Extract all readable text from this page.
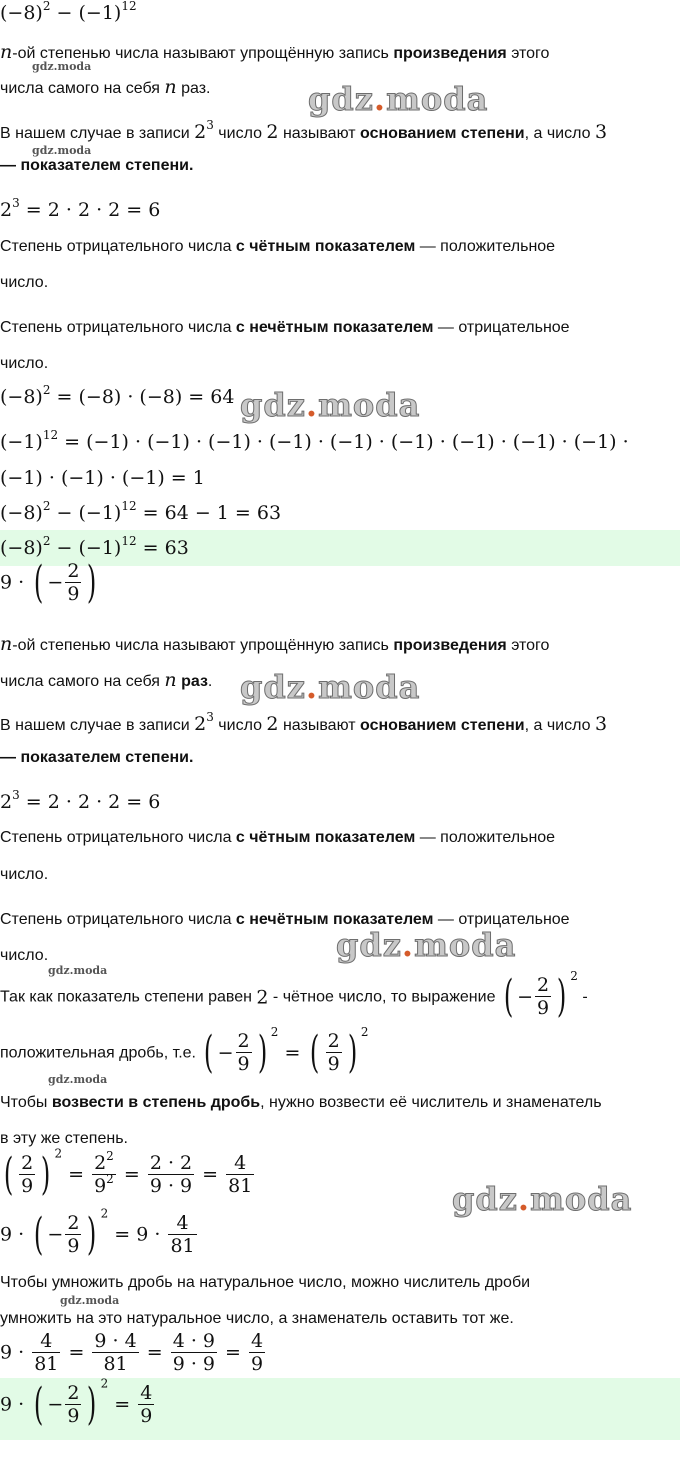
$(-8)^2 - (-1)^{12}$
n-ой степенью числа называют упрощённую запись произведения этого
числа самого на себя n раз.
В нашем случае в записи $2^3$ число 2 называют основанием степени, а число 3
— показателем степени.
$2^3 = 2 \cdot 2 \cdot 2 = 6$
Степень отрицательного числа с чётным показателем — положительное
число.
Степень отрицательного числа с нечётным показателем — отрицательное
число.
$(-8)^2 = (-8) \cdot (-8) = 64$
$(-1)^{12} = (-1) \cdot (-1) \cdot (-1) \cdot (-1) \cdot (-1) \cdot (-1) \cdot (-1) \cdot (-1) \cdot (-1)$ ·
(−1) · (−1) · (−1) = 1
$(-8)^2 - (-1)^{12} = 64 - 1 = 63$
$(-8)^2 - (-1)^{12} = 63$
9 · ( − $\frac{2}{9}$ )
n-ой степенью числа называют упрощённую запись произведения этого
числа самого на себя n раз.
В нашем случае в записи $2^3$ число 2 называют основанием степени, а число 3
— показателем степени.
$2^3 = 2 \cdot 2 \cdot 2 = 6$
Степень отрицательного числа с чётным показателем — положительное
число.
Степень отрицательного числа с нечётным показателем — отрицательное
число.
Так как показатель степени равен 2 - чётное число, то выражение ( − $\frac{2}{9}$ ) $^2$ -
положительная дробь, т.е. ( − $\frac{2}{9}$ ) $^2$ = ( $\frac{2}{9}$ ) $^2$
Чтобы возвести в степень дробь, нужно возвести её числитель и знаменатель
в эту же степень.
( $\frac{2}{9}$ ) $^2 = \frac{2^2}{9^2} = \frac{2 \cdot 2}{9 \cdot 9} = \frac{4}{81}$
9 · ( − $\frac{2}{9}$ ) $^2 = 9 \cdot \frac{4}{81}$
Чтобы умножить дробь на натуральное число, можно числитель дроби
умножить на это натуральное число, а знаменатель оставить тот же.
$9 \cdot \frac{4}{81} = \frac{9 \cdot 4}{81} = \frac{4 \cdot 9}{9 \cdot 9} = \frac{4}{9}$
9 · ( − $\frac{2}{9}$ ) $^2 = \frac{4}{9}$
gdz.moda
gdz.moda
gdz.moda
gdz.moda
gdz.moda
gdz.moda
gdz.moda
gdz.moda
gdz.moda
gdz.moda
